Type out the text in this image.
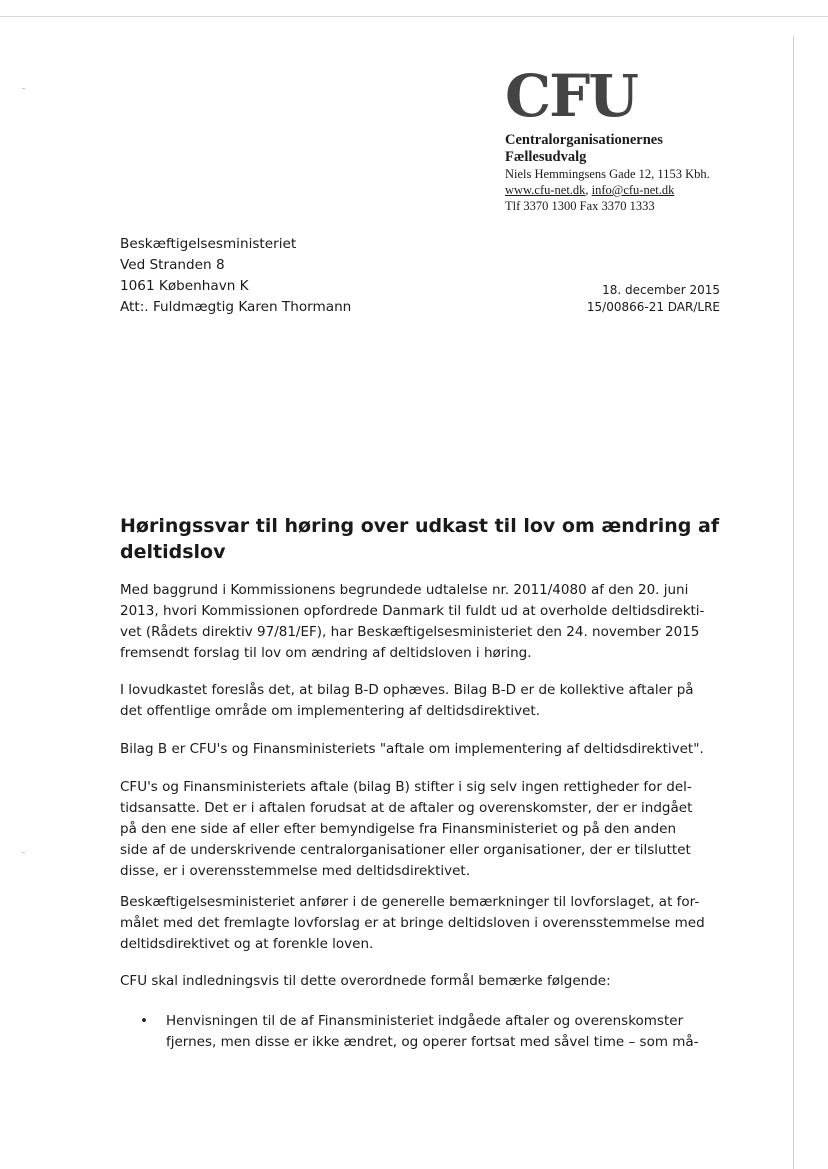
CFU
Centralorganisationernes
Fællesudvalg
Niels Hemmingsens Gade 12, 1153 Kbh.
www.cfu-net.dk, info@cfu-net.dk
Tlf 3370 1300 Fax 3370 1333
Beskæftigelsesministeriet
Ved Stranden 8
1061 København K
Att:. Fuldmægtig Karen Thormann
18. december 2015
15/00866-21 DAR/LRE
Høringssvar til høring over udkast til lov om ændring af deltidslov

Med baggrund i Kommissionens begrundede udtalelse nr. 2011/4080 af den 20. juni 2013, hvori Kommissionen opfordrede Danmark til fuldt ud at overholde deltidsdirekti-vet (Rådets direktiv 97/81/EF), har Beskæftigelsesministeriet den 24. november 2015 fremsendt forslag til lov om ændring af deltidsloven i høring.

I lovudkastet foreslås det, at bilag B-D ophæves. Bilag B-D er de kollektive aftaler på det offentlige område om implementering af deltidsdirektivet.

Bilag B er CFU's og Finansministeriets "aftale om implementering af deltidsdirektivet".

CFU's og Finansministeriets aftale (bilag B) stifter i sig selv ingen rettigheder for del-tidsansatte. Det er i aftalen forudsat at de aftaler og overenskomster, der er indgået på den ene side af eller efter bemyndigelse fra Finansministeriet og på den anden side af de underskrivende centralorganisationer eller organisationer, der er tilsluttet disse, er i overensstemmelse med deltidsdirektivet.

Beskæftigelsesministeriet anfører i de generelle bemærkninger til lovforslaget, at for-målet med det fremlagte lovforslag er at bringe deltidsloven i overensstemmelse med deltidsdirektivet og at forenkle loven.

CFU skal indledningsvis til dette overordnede formål bemærke følgende:

•	Henvisningen til de af Finansministeriet indgåede aftaler og overenskomster fjernes, men disse er ikke ændret, og operer fortsat med såvel time – som må-
